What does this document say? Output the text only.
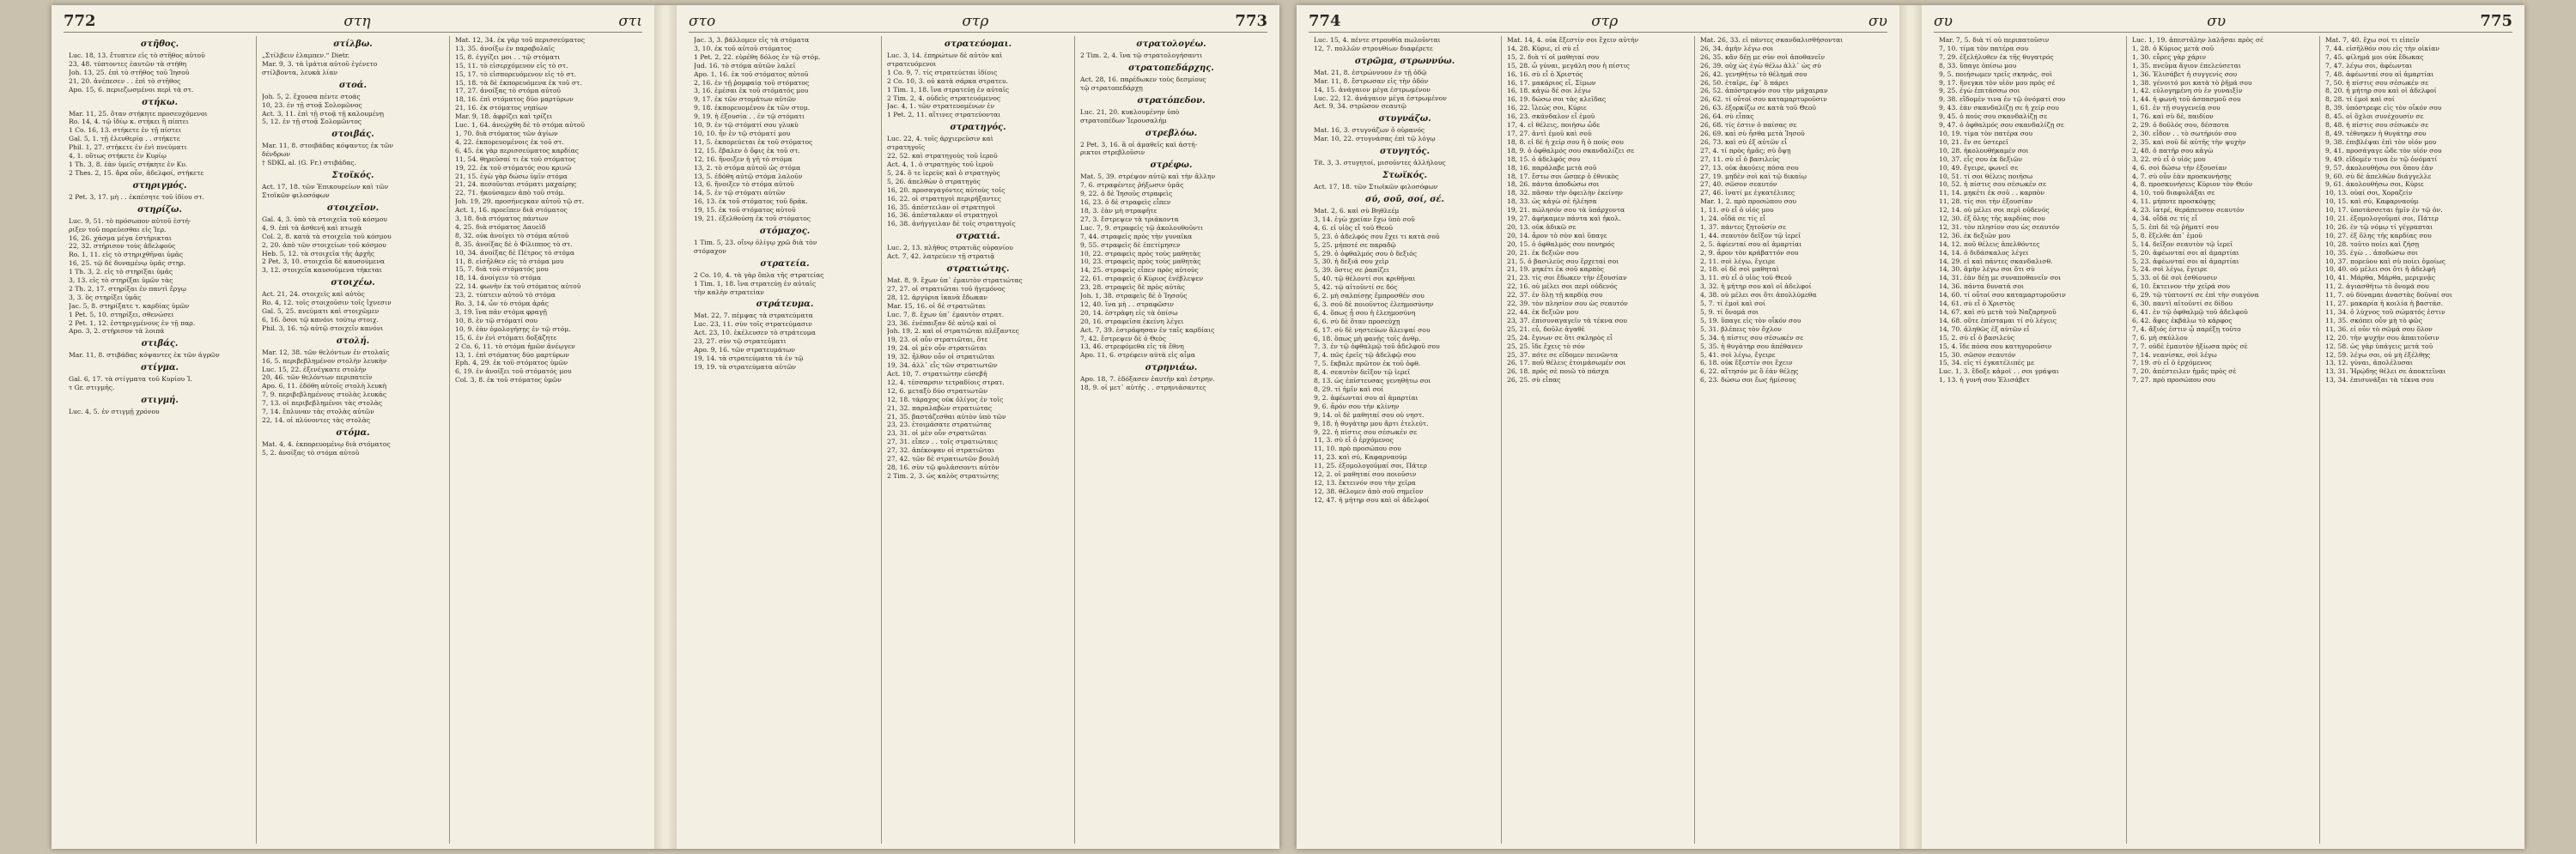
772	στη	στι
στῆθος.
Luc. 18, 13. ἔτυπτεν εἰς τὸ στῆθος αὐτοῦ
23, 48. τύπτοντες ἑαυτῶν τὰ στήθη
Joh. 13, 25. ἐπὶ τὸ στῆθος τοῦ Ἰησοῦ
21, 20. ἀνέπεσεν . . ἐπὶ τὸ στῆθος
Apo. 15, 6. περιεζωσμένοι περὶ τὰ στ.
στήκω.
Mar. 11, 25. ὅταν στήκητε προσευχόμενοι
Ro. 14, 4. τῷ ἰδίῳ κ. στήκει ἢ πίπτει
1 Co. 16, 13. στήκετε ἐν τῇ πίστει
Gal. 5, 1. τῇ ἐλευθερίᾳ . . στήκετε
Phil. 1, 27. στήκετε ἐν ἑνὶ πνεύματι
4, 1. οὕτως στήκετε ἐν Κυρίῳ
1 Th. 3, 8. ἐὰν ὑμεῖς στήκητε ἐν Κυ.
2 Thes. 2, 15. ἄρα οὖν, ἀδελφοί, στήκετε
στηριγμός.
2 Pet. 3, 17. μὴ . . ἐκπέσητε τοῦ ἰδίου στ.
στηρίζω.
Luc. 9, 51. τὸ πρόσωπον αὐτοῦ ἐστή-
ριξεν τοῦ πορεύεσθαι εἰς Ἱερ.
16, 26. χάσμα μέγα ἐστήρικται
22, 32. στήρισον τοὺς ἀδελφούς
Ro. 1, 11. εἰς τὸ στηριχθῆναι ὑμᾶς
16, 25. τῷ δὲ δυναμένῳ ὑμᾶς στηρ.
1 Th. 3, 2. εἰς τὸ στηρίξαι ὑμᾶς
3, 13. εἰς τὸ στηρίξαι ὑμῶν τὰς
2 Th. 2, 17. στηρίξαι ἐν παντὶ ἔργῳ
3, 3. ὃς στηρίξει ὑμᾶς
Jac. 5, 8. στηρίξατε τ. καρδίας ὑμῶν
1 Pet. 5, 10. στηρίξει, σθενώσει
2 Pet. 1, 12. ἐστηριγμένους ἐν τῇ παρ.
Apo. 3, 2. στήρισον τὰ λοιπά
στιβάς.
Mar. 11, 8. στιβάδας κόψαντες ἐκ τῶν ἀγρῶν
στίγμα.
Gal. 6, 17. τὰ στίγματα τοῦ Κυρίου Ἰ.
τ Gr. στιγμῆς.
στιγμή.
Luc. 4, 5. ἐν στιγμῇ χρόνου
στίλβω.
„Στίλβειν ἐλαμπεν.“ Dietr.
Mar. 9, 3. τὰ ἱμάτια αὐτοῦ ἐγένετο
στίλβοντα, λευκὰ λίαν
στοά.
Joh. 5, 2. ἔχουσα πέντε στοάς
10, 23. ἐν τῇ στοᾷ Σολομῶνος
Act. 3, 11. ἐπὶ τῇ στοᾷ τῇ καλουμένῃ
5, 12. ἐν τῇ στοᾷ Σολομῶντος
στοιβάς.
Mar. 11, 8. στοιβάδας κόψαντες ἐκ τῶν
δένδρων
† SDKL al. (G. Fr.) στιβάδας.
Στοϊκός.
Act. 17, 18. τῶν Ἐπικουρείων καὶ τῶν
Στοϊκῶν φιλοσόφων
στοιχεῖον.
Gal. 4, 3. ὑπὸ τὰ στοιχεῖα τοῦ κόσμου
4, 9. ἐπὶ τὰ ἀσθενῆ καὶ πτωχὰ
Col. 2, 8. κατὰ τὰ στοιχεῖα τοῦ κόσμου
2, 20. ἀπὸ τῶν στοιχείων τοῦ κόσμου
Heb. 5, 12. τὰ στοιχεῖα τῆς ἀρχῆς
2 Pet. 3, 10. στοιχεῖα δὲ καυσούμενα
3, 12. στοιχεῖα καυσούμενα τήκεται
στοιχέω.
Act. 21, 24. στοιχεῖς καὶ αὐτὸς
Ro. 4, 12. τοῖς στοιχοῦσιν τοῖς ἴχνεσιν
Gal. 5, 25. πνεύματι καὶ στοιχῶμεν
6, 16. ὅσοι τῷ κανόνι τούτῳ στοιχ.
Phil. 3, 16. τῷ αὐτῷ στοιχεῖν κανόνι
στολή.
Mar. 12, 38. τῶν θελόντων ἐν στολαῖς
16, 5. περιβεβλημένον στολὴν λευκὴν
Luc. 15, 22. ἐξενέγκατε στολὴν
20, 46. τῶν θελόντων περιπατεῖν
Apo. 6, 11. ἐδόθη αὐτοῖς στολὴ λευκὴ
7, 9. περιβεβλημένους στολὰς λευκάς
7, 13. οἱ περιβεβλημένοι τὰς στολὰς
7, 14. ἔπλυναν τὰς στολὰς αὐτῶν
22, 14. οἱ πλύνοντες τὰς στολὰς
στόμα.
Mat. 4, 4. ἐκπορευομένῳ διὰ στόματος
5, 2. ἀνοίξας τὸ στόμα αὐτοῦ
Mat. 12, 34. ἐκ γὰρ τοῦ περισσεύματος
13, 35. ἀνοίξω ἐν παραβολαῖς
15, 8. ἐγγίζει μοι . . τῷ στόματι
15, 11. τὸ εἰσερχόμενον εἰς τὸ στ.
15, 17. τὸ εἰσπορευόμενον εἰς τὸ στ.
15, 18. τὰ δὲ ἐκπορευόμενα ἐκ τοῦ στ.
17, 27. ἀνοίξας τὸ στόμα αὐτοῦ
18, 16. ἐπὶ στόματος δύο μαρτύρων
21, 16. ἐκ στόματος νηπίων
Mar. 9, 18. ἀφρίζει καὶ τρίζει
Luc. 1, 64. ἀνεῴχθη δὲ τὸ στόμα αὐτοῦ
1, 70. διὰ στόματος τῶν ἁγίων
4, 22. ἐκπορευομένοις ἐκ τοῦ στ.
6, 45. ἐκ γὰρ περισσεύματος καρδίας
11, 54. θηρεῦσαί τι ἐκ τοῦ στόματος
19, 22. ἐκ τοῦ στόματός σου κρινῶ
21, 15. ἐγὼ γὰρ δώσω ὑμῖν στόμα
21, 24. πεσοῦνται στόματι μαχαίρης
22, 71. ἠκούσαμεν ἀπὸ τοῦ στόμ.
Joh. 19, 29. προσήνεγκαν αὐτοῦ τῷ στ.
Act. 1, 16. προεῖπεν διὰ στόματος
3, 18. διὰ στόματος πάντων
4, 25. διὰ στόματος Δαυεὶδ
8, 32. οὐκ ἀνοίγει τὸ στόμα αὐτοῦ
8, 35. ἀνοίξας δὲ ὁ Φίλιππος τὸ στ.
10, 34. ἀνοίξας δὲ Πέτρος τὸ στόμα
11, 8. εἰσῆλθεν εἰς τὸ στόμα μου
15, 7. διὰ τοῦ στόματός μου
18, 14. ἀνοίγειν τὸ στόμα
22, 14. φωνὴν ἐκ τοῦ στόματος αὐτοῦ
23, 2. τύπτειν αὐτοῦ τὸ στόμα
Ro. 3, 14. ὧν τὸ στόμα ἀρᾶς
3, 19. ἵνα πᾶν στόμα φραγῇ
10, 8. ἐν τῷ στόματί σου
10, 9. ἐὰν ὁμολογήσῃς ἐν τῷ στόμ.
15, 6. ἐν ἑνὶ στόματι δοξάζητε
2 Co. 6, 11. τὸ στόμα ἡμῶν ἀνέῳγεν
13, 1. ἐπὶ στόματος δύο μαρτύρων
Eph. 4, 29. ἐκ τοῦ στόματος ὑμῶν
6, 19. ἐν ἀνοίξει τοῦ στόματός μου
Col. 3, 8. ἐκ τοῦ στόματος ὑμῶν
στο	στρ	773
Jac. 3, 3. βάλλομεν εἰς τὰ στόματα
3, 10. ἐκ τοῦ αὐτοῦ στόματος
1 Pet. 2, 22. εὑρέθη δόλος ἐν τῷ στόμ.
Jud. 16. τὸ στόμα αὐτῶν λαλεῖ
Apo. 1, 16. ἐκ τοῦ στόματος αὐτοῦ
2, 16. ἐν τῇ ῥομφαίᾳ τοῦ στόματος
3, 16. ἐμέσαι ἐκ τοῦ στόματός μου
9, 17. ἐκ τῶν στομάτων αὐτῶν
9, 18. ἐκπορευομένου ἐκ τῶν στομ.
9, 19. ἡ ἐξουσία . . ἐν τῷ στόματι
10, 9. ἐν τῷ στόματί σου γλυκὺ
10, 10. ἦν ἐν τῷ στόματί μου
11, 5. ἐκπορεύεται ἐκ τοῦ στόματος
12, 15. ἔβαλεν ὁ ὄφις ἐκ τοῦ στ.
12, 16. ἤνοιξεν ἡ γῆ τὸ στόμα
13, 2. τὸ στόμα αὐτοῦ ὡς στόμα
13, 5. ἐδόθη αὐτῷ στόμα λαλοῦν
13, 6. ἤνοιξεν τὸ στόμα αὐτοῦ
14, 5. ἐν τῷ στόματι αὐτῶν
16, 13. ἐκ τοῦ στόματος τοῦ δράκ.
19, 15. ἐκ τοῦ στόματος αὐτοῦ
19, 21. ἐξελθούσῃ ἐκ τοῦ στόματος
στόμαχος.
1 Tim. 5, 23. οἴνῳ ὀλίγῳ χρῶ διὰ τὸν
στόμαχον
στρατεία.
2 Co. 10, 4. τὰ γὰρ ὅπλα τῆς στρατείας
1 Tim. 1, 18. ἵνα στρατεύῃ ἐν αὐταῖς
τὴν καλὴν στρατείαν
στράτευμα.
Mat. 22, 7. πέμψας τὰ στρατεύματα
Luc. 23, 11. σὺν τοῖς στρατεύμασιν
Act. 23, 10. ἐκέλευσεν τὸ στράτευμα
23, 27. σὺν τῷ στρατεύματι
Apo. 9, 16. τῶν στρατευμάτων
19, 14. τὰ στρατεύματα τὰ ἐν τῷ
19, 19. τὰ στρατεύματα αὐτῶν
στρατεύομαι.
Luc. 3, 14. ἐπηρώτων δὲ αὐτὸν καὶ
στρατευόμενοι
1 Co. 9, 7. τίς στρατεύεται ἰδίοις
2 Co. 10, 3. οὐ κατὰ σάρκα στρατευ.
1 Tim. 1, 18. ἵνα στρατεύῃ ἐν αὐταῖς
2 Tim. 2, 4. οὐδεὶς στρατευόμενος
Jac. 4, 1. τῶν στρατευομένων ἐν
1 Pet. 2, 11. αἵτινες στρατεύονται
στρατηγός.
Luc. 22, 4. τοῖς ἀρχιερεῦσιν καὶ
στρατηγοῖς
22, 52. καὶ στρατηγοὺς τοῦ ἱεροῦ
Act. 4, 1. ὁ στρατηγὸς τοῦ ἱεροῦ
5, 24. ὅ τε ἱερεὺς καὶ ὁ στρατηγὸς
5, 26. ἀπελθὼν ὁ στρατηγὸς
16, 20. προσαγαγόντες αὐτοὺς τοῖς
16, 22. οἱ στρατηγοὶ περιρήξαντες
16, 35. ἀπέστειλαν οἱ στρατηγοὶ
16, 36. ἀπέσταλκαν οἱ στρατηγοὶ
16, 38. ἀνήγγειλαν δὲ τοῖς στρατηγοῖς
στρατιά.
Luc. 2, 13. πλῆθος στρατιᾶς οὐρανίου
Act. 7, 42. λατρεύειν τῇ στρατιᾷ
στρατιώτης.
Mat. 8, 9. ἔχων ὑπ᾽ ἐμαυτὸν στρατιώτας
27, 27. οἱ στρατιῶται τοῦ ἡγεμόνος
28, 12. ἀργύρια ἱκανὰ ἔδωκαν
Mar. 15, 16. οἱ δὲ στρατιῶται
Luc. 7, 8. ἔχων ὑπ᾽ ἐμαυτὸν στρατ.
23, 36. ἐνέπαιξαν δὲ αὐτῷ καὶ οἱ
Joh. 19, 2. καὶ οἱ στρατιῶται πλέξαντες
19, 23. οἱ οὖν στρατιῶται, ὅτε
19, 24. οἱ μὲν οὖν στρατιῶται
19, 32. ἦλθον οὖν οἱ στρατιῶται
19, 34. ἀλλ᾽ εἷς τῶν στρατιωτῶν
Act. 10, 7. στρατιώτην εὐσεβῆ
12, 4. τέσσαρσιν τετραδίοις στρατ.
12, 6. μεταξὺ δύο στρατιωτῶν
12, 18. τάραχος οὐκ ὀλίγος ἐν τοῖς
21, 32. παραλαβὼν στρατιώτας
21, 35. βαστάζεσθαι αὐτὸν ὑπὸ τῶν
23, 23. ἑτοιμάσατε στρατιώτας
23, 31. οἱ μὲν οὖν στρατιῶται
27, 31. εἶπεν . . τοῖς στρατιώταις
27, 32. ἀπέκοψαν οἱ στρατιῶται
27, 42. τῶν δὲ στρατιωτῶν βουλή
28, 16. σὺν τῷ φυλάσσοντι αὐτὸν
2 Tim. 2, 3. ὡς καλὸς στρατιώτης
στρατολογέω.
2 Tim. 2, 4. ἵνα τῷ στρατολογήσαντι
στρατοπεδάρχης.
Act. 28, 16. παρέδωκεν τοὺς δεσμίους
τῷ στρατοπεδάρχῃ
στρατόπεδον.
Luc. 21, 20. κυκλουμένην ὑπὸ
στρατοπέδων Ἱερουσαλήμ
στρεβλόω.
2 Pet. 3, 16. ἃ οἱ ἀμαθεῖς καὶ ἀστή-
ρικτοι στρεβλοῦσιν
στρέφω.
Mat. 5, 39. στρέψον αὐτῷ καὶ τὴν ἄλλην
7, 6. στραφέντες ῥήξωσιν ὑμᾶς
9, 22. ὁ δὲ Ἰησοῦς στραφεὶς
16, 23. ὁ δὲ στραφεὶς εἶπεν
18, 3. ἐὰν μὴ στραφῆτε
27, 3. ἔστρεψεν τὰ τριάκοντα
Luc. 7, 9. στραφεὶς τῷ ἀκολουθοῦντι
7, 44. στραφεὶς πρὸς τὴν γυναῖκα
9, 55. στραφεὶς δὲ ἐπετίμησεν
10, 22. στραφεὶς πρὸς τοὺς μαθητὰς
10, 23. στραφεὶς πρὸς τοὺς μαθητὰς
14, 25. στραφεὶς εἶπεν πρὸς αὐτούς
22, 61. στραφεὶς ὁ Κύριος ἐνέβλεψεν
23, 28. στραφεὶς δὲ πρὸς αὐτὰς
Joh. 1, 38. στραφεὶς δὲ ὁ Ἰησοῦς
12, 40. ἵνα μὴ . . στραφῶσιν
20, 14. ἐστράφη εἰς τὰ ὀπίσω
20, 16. στραφεῖσα ἐκείνη λέγει
Act. 7, 39. ἐστράφησαν ἐν ταῖς καρδίαις
7, 42. ἔστρεψεν δὲ ὁ Θεὸς
13, 46. στρεφόμεθα εἰς τὰ ἔθνη
Apo. 11, 6. στρέφειν αὐτὰ εἰς αἷμα
στρηνιάω.
Apo. 18, 7. ἐδόξασεν ἑαυτὴν καὶ ἐστρην.
18, 9. οἱ μετ᾽ αὐτῆς . . στρηνιάσαντες
774	στρ	συ
Luc. 15, 4. πέντε στρουθία πωλοῦνται
12, 7. πολλῶν στρουθίων διαφέρετε
στρῶμα, στρωννύω.
Mat. 21, 8. ἐστρώννυον ἐν τῇ ὁδῷ
Mar. 11, 8. ἔστρωσαν εἰς τὴν ὁδόν
14, 15. ἀνάγαιον μέγα ἐστρωμένον
Luc. 22, 12. ἀνάγαιον μέγα ἐστρωμένον
Act. 9, 34. στρῶσον σεαυτῷ
στυγνάζω.
Mat. 16, 3. στυγνάζων ὁ οὐρανός
Mar. 10, 22. στυγνάσας ἐπὶ τῷ λόγῳ
στυγητός.
Tit. 3, 3. στυγητοί, μισοῦντες ἀλλήλους
Στωϊκός.
Act. 17, 18. τῶν Στωϊκῶν φιλοσόφων
σύ, σοῦ, σοί, σέ.
Mat. 2, 6. καὶ σὺ Βηθλεέμ
3, 14. ἐγὼ χρείαν ἔχω ὑπὸ σοῦ
4, 6. εἰ υἱὸς εἶ τοῦ Θεοῦ
5, 23. ὁ ἀδελφός σου ἔχει τι κατὰ σοῦ
5, 25. μήποτέ σε παραδῷ
5, 29. ὁ ὀφθαλμός σου ὁ δεξιός
5, 30. ἡ δεξιά σου χεὶρ
5, 39. ὅστις σε ῥαπίζει
5, 40. τῷ θέλοντί σοι κριθῆναι
5, 42. τῷ αἰτοῦντί σε δός
6, 2. μὴ σαλπίσῃς ἔμπροσθέν σου
6, 3. σοῦ δὲ ποιοῦντος ἐλεημοσύνην
6, 4. ὅπως ᾖ σου ἡ ἐλεημοσύνη
6, 6. σὺ δὲ ὅταν προσεύχῃ
6, 17. σὺ δὲ νηστεύων ἄλειψαί σου
6, 18. ὅπως μὴ φανῇς τοῖς ἀνθρ.
7, 3. ἐν τῷ ὀφθαλμῷ τοῦ ἀδελφοῦ σου
7, 4. πῶς ἐρεῖς τῷ ἀδελφῷ σου
7, 5. ἔκβαλε πρῶτον ἐκ τοῦ ὀφθ.
8, 4. σεαυτὸν δεῖξον τῷ ἱερεῖ
8, 13. ὡς ἐπίστευσας γενηθήτω σοι
8, 29. τί ἡμῖν καὶ σοί
9, 2. ἀφέωνταί σου αἱ ἁμαρτίαι
9, 6. ἆρόν σου τὴν κλίνην
9, 14. οἱ δὲ μαθηταί σου οὐ νηστ.
9, 18. ἡ θυγάτηρ μου ἄρτι ἐτελεύτ.
9, 22. ἡ πίστις σου σέσωκέν σε
11, 3. σὺ εἶ ὁ ἐρχόμενος
11, 10. πρὸ προσώπου σου
11, 23. καὶ σύ, Καφαρναούμ
11, 25. ἐξομολογοῦμαί σοι, Πάτερ
12, 2. οἱ μαθηταί σου ποιοῦσιν
12, 13. ἔκτεινόν σου τὴν χεῖρα
12, 38. θέλομεν ἀπὸ σοῦ σημεῖον
12, 47. ἡ μήτηρ σου καὶ οἱ ἀδελφοί
Mat. 14, 4. οὐκ ἔξεστίν σοι ἔχειν αὐτήν
14, 28. Κύριε, εἰ σὺ εἶ
15, 2. διὰ τί οἱ μαθηταί σου
15, 28. ὦ γύναι, μεγάλη σου ἡ πίστις
16, 16. σὺ εἶ ὁ Χριστός
16, 17. μακάριος εἶ, Σίμων
16, 18. κἀγὼ δέ σοι λέγω
16, 19. δώσω σοι τὰς κλεῖδας
16, 22. ἵλεώς σοι, Κύριε
16, 23. σκάνδαλον εἶ ἐμοῦ
17, 4. εἰ θέλεις, ποιήσω ὧδε
17, 27. ἀντὶ ἐμοῦ καὶ σοῦ
18, 8. εἰ δὲ ἡ χείρ σου ἢ ὁ πούς σου
18, 9. ὁ ὀφθαλμός σου σκανδαλίζει σε
18, 15. ὁ ἀδελφός σου
18, 16. παράλαβε μετὰ σοῦ
18, 17. ἔστω σοι ὥσπερ ὁ ἐθνικὸς
18, 26. πάντα ἀποδώσω σοι
18, 32. πᾶσαν τὴν ὀφειλὴν ἐκείνην
18, 33. ὡς κἀγὼ σὲ ἠλέησα
19, 21. πώλησόν σου τὰ ὑπάρχοντα
19, 27. ἀφήκαμεν πάντα καὶ ἠκολ.
20, 13. οὐκ ἀδικῶ σε
20, 14. ἆρον τὸ σὸν καὶ ὕπαγε
20, 15. ὁ ὀφθαλμός σου πονηρός
20, 21. ἐκ δεξιῶν σου
21, 5. ὁ βασιλεύς σου ἔρχεταί σοι
21, 19. μηκέτι ἐκ σοῦ καρπὸς
21, 23. τίς σοι ἔδωκεν τὴν ἐξουσίαν
22, 16. οὐ μέλει σοι περὶ οὐδενός
22, 37. ἐν ὅλῃ τῇ καρδίᾳ σου
22, 39. τὸν πλησίον σου ὡς σεαυτόν
22, 44. ἐκ δεξιῶν μου
23, 37. ἐπισυναγαγεῖν τὰ τέκνα σου
25, 21. εὖ, δοῦλε ἀγαθὲ
25, 24. ἔγνων σε ὅτι σκληρὸς εἶ
25, 25. ἴδε ἔχεις τὸ σόν
25, 37. πότε σε εἴδομεν πεινῶντα
26, 17. ποῦ θέλεις ἑτοιμάσωμέν σοι
26, 18. πρὸς σὲ ποιῶ τὸ πάσχα
26, 25. σὺ εἶπας
Mat. 26, 33. εἰ πάντες σκανδαλισθήσονται
26, 34. ἀμὴν λέγω σοι
26, 35. κἂν δέῃ με σὺν σοὶ ἀποθανεῖν
26, 39. οὐχ ὡς ἐγὼ θέλω ἀλλ᾽ ὡς σύ
26, 42. γενηθήτω τὸ θέλημά σου
26, 50. ἑταῖρε, ἐφ᾽ ὃ πάρει
26, 52. ἀπόστρεψόν σου τὴν μάχαιραν
26, 62. τί οὗτοί σου καταμαρτυροῦσιν
26, 63. ἐξορκίζω σε κατὰ τοῦ Θεοῦ
26, 64. σὺ εἶπας
26, 68. τίς ἐστιν ὁ παίσας σε
26, 69. καὶ σὺ ἦσθα μετὰ Ἰησοῦ
26, 73. καὶ σὺ ἐξ αὐτῶν εἶ
27, 4. τί πρὸς ἡμᾶς; σὺ ὄψῃ
27, 11. σὺ εἶ ὁ βασιλεὺς
27, 13. οὐκ ἀκούεις πόσα σου
27, 19. μηδὲν σοὶ καὶ τῷ δικαίῳ
27, 40. σῶσον σεαυτόν
27, 46. ἱνατί με ἐγκατέλιπες
Mar. 1, 2. πρὸ προσώπου σου
1, 11. σὺ εἶ ὁ υἱός μου
1, 24. οἶδά σε τίς εἶ
1, 37. πάντες ζητοῦσίν σε
1, 44. σεαυτὸν δεῖξον τῷ ἱερεῖ
2, 5. ἀφίενταί σου αἱ ἁμαρτίαι
2, 9. ἆρον τὸν κράβαττόν σου
2, 11. σοὶ λέγω, ἔγειρε
2, 18. οἱ δὲ σοὶ μαθηταὶ
3, 11. σὺ εἶ ὁ υἱὸς τοῦ Θεοῦ
3, 32. ἡ μήτηρ σου καὶ οἱ ἀδελφοί
4, 38. οὐ μέλει σοι ὅτι ἀπολλύμεθα
5, 7. τί ἐμοὶ καὶ σοί
5, 9. τί ὄνομά σοι
5, 19. ὕπαγε εἰς τὸν οἶκόν σου
5, 31. βλέπεις τὸν ὄχλον
5, 34. ἡ πίστις σου σέσωκέν σε
5, 35. ἡ θυγάτηρ σου ἀπέθανεν
5, 41. σοὶ λέγω, ἔγειρε
6, 18. οὐκ ἔξεστίν σοι ἔχειν
6, 22. αἴτησόν με ὃ ἐὰν θέλῃς
6, 23. δώσω σοι ἕως ἡμίσους
συ	συ	775
Mar. 7, 5. διὰ τί οὐ περιπατοῦσιν
7, 10. τίμα τὸν πατέρα σου
7, 29. ἐξελήλυθεν ἐκ τῆς θυγατρός
8, 33. ὕπαγε ὀπίσω μου
9, 5. ποιήσωμεν τρεῖς σκηνάς, σοὶ
9, 17. ἤνεγκα τὸν υἱόν μου πρὸς σέ
9, 25. ἐγὼ ἐπιτάσσω σοι
9, 38. εἴδομέν τινα ἐν τῷ ὀνόματί σου
9, 43. ἐὰν σκανδαλίζῃ σε ἡ χείρ σου
9, 45. ὁ πούς σου σκανδαλίζῃ σε
9, 47. ὁ ὀφθαλμός σου σκανδαλίζῃ σε
10, 19. τίμα τὸν πατέρα σου
10, 21. ἕν σε ὑστερεῖ
10, 28. ἠκολουθήκαμέν σοι
10, 37. εἷς σου ἐκ δεξιῶν
10, 49. ἔγειρε, φωνεῖ σε
10, 51. τί σοι θέλεις ποιήσω
10, 52. ἡ πίστις σου σέσωκέν σε
11, 14. μηκέτι ἐκ σοῦ . . καρπὸν
11, 28. τίς σοι τὴν ἐξουσίαν
12, 14. οὐ μέλει σοι περὶ οὐδενός
12, 30. ἐξ ὅλης τῆς καρδίας σου
12, 31. τὸν πλησίον σου ὡς σεαυτόν
12, 36. ἐκ δεξιῶν μου
14, 12. ποῦ θέλεις ἀπελθόντες
14, 14. ὁ διδάσκαλος λέγει
14, 29. εἰ καὶ πάντες σκανδαλισθ.
14, 30. ἀμὴν λέγω σοι ὅτι σὺ
14, 31. ἐὰν δέῃ με συναποθανεῖν σοι
14, 36. πάντα δυνατά σοι
14, 60. τί οὗτοί σου καταμαρτυροῦσιν
14, 61. σὺ εἶ ὁ Χριστὸς
14, 67. καὶ σὺ μετὰ τοῦ Ναζαρηνοῦ
14, 68. οὔτε ἐπίσταμαι τί σὺ λέγεις
14, 70. ἀληθῶς ἐξ αὐτῶν εἶ
15, 2. σὺ εἶ ὁ βασιλεὺς
15, 4. ἴδε πόσα σου κατηγοροῦσιν
15, 30. σῶσον σεαυτόν
15, 34. εἰς τί ἐγκατέλιπές με
Luc. 1, 3. ἔδοξε κἀμοὶ . . σοι γράψαι
1, 13. ἡ γυνή σου Ἐλισάβετ
Luc. 1, 19. ἀπεστάλην λαλῆσαι πρὸς σέ
1, 28. ὁ Κύριος μετὰ σοῦ
1, 30. εὗρες γὰρ χάριν
1, 35. πνεῦμα ἅγιον ἐπελεύσεται
1, 36. Ἐλισάβετ ἡ συγγενίς σου
1, 38. γένοιτό μοι κατὰ τὸ ῥῆμά σου
1, 42. εὐλογημένη σὺ ἐν γυναιξίν
1, 44. ἡ φωνὴ τοῦ ἀσπασμοῦ σου
1, 61. ἐν τῇ συγγενείᾳ σου
1, 76. καὶ σὺ δέ, παιδίον
2, 29. ὁ δοῦλός σου, δέσποτα
2, 30. εἶδον . . τὸ σωτήριόν σου
2, 35. καὶ σοῦ δὲ αὐτῆς τὴν ψυχὴν
2, 48. ὁ πατήρ σου κἀγὼ
3, 22. σὺ εἶ ὁ υἱός μου
4, 6. σοὶ δώσω τὴν ἐξουσίαν
4, 7. σὺ οὖν ἐὰν προσκυνήσῃς
4, 8. προσκυνήσεις Κύριον τὸν Θεόν
4, 10. τοῦ διαφυλάξαι σε
4, 11. μήποτε προσκόψῃς
4, 23. ἰατρέ, θεράπευσον σεαυτόν
4, 34. οἶδά σε τίς εἶ
5, 5. ἐπὶ δὲ τῷ ῥήματί σου
5, 8. ἔξελθε ἀπ᾽ ἐμοῦ
5, 14. δεῖξον σεαυτὸν τῷ ἱερεῖ
5, 20. ἀφέωνταί σοι αἱ ἁμαρτίαι
5, 23. ἀφέωνταί σοι αἱ ἁμαρτίαι
5, 24. σοὶ λέγω, ἔγειρε
5, 33. οἱ δὲ σοὶ ἐσθίουσιν
6, 10. ἔκτεινον τὴν χεῖρά σου
6, 29. τῷ τύπτοντί σε ἐπὶ τὴν σιαγόνα
6, 30. παντὶ αἰτοῦντί σε δίδου
6, 41. ἐν τῷ ὀφθαλμῷ τοῦ ἀδελφοῦ
6, 42. ἄφες ἐκβάλω τὸ κάρφος
7, 4. ἄξιός ἐστιν ᾧ παρέξῃ τοῦτο
7, 6. μὴ σκύλλου
7, 7. οὐδὲ ἐμαυτὸν ἠξίωσα πρὸς σὲ
7, 14. νεανίσκε, σοὶ λέγω
7, 19. σὺ εἶ ὁ ἐρχόμενος
7, 20. ἀπέστειλεν ἡμᾶς πρὸς σὲ
7, 27. πρὸ προσώπου σου
Mat. 7, 40. ἔχω σοί τι εἰπεῖν
7, 44. εἰσῆλθόν σου εἰς τὴν οἰκίαν
7, 45. φίλημά μοι οὐκ ἔδωκας
7, 47. λέγω σοι, ἀφέωνται
7, 48. ἀφέωνταί σου αἱ ἁμαρτίαι
7, 50. ἡ πίστις σου σέσωκέν σε
8, 20. ἡ μήτηρ σου καὶ οἱ ἀδελφοί
8, 28. τί ἐμοὶ καὶ σοί
8, 39. ὑπόστρεφε εἰς τὸν οἶκόν σου
8, 45. οἱ ὄχλοι συνέχουσίν σε
8, 48. ἡ πίστις σου σέσωκέν σε
8, 49. τέθνηκεν ἡ θυγάτηρ σου
9, 38. ἐπιβλέψαι ἐπὶ τὸν υἱόν μου
9, 41. προσάγαγε ὧδε τὸν υἱόν σου
9, 49. εἴδομέν τινα ἐν τῷ ὀνόματί
9, 57. ἀκολουθήσω σοι ὅπου ἐὰν
9, 60. σὺ δὲ ἀπελθὼν διάγγελλε
9, 61. ἀκολουθήσω σοι, Κύριε
10, 13. οὐαί σοι, Χοραζείν
10, 15. καὶ σύ, Καφαρναούμ
10, 17. ὑποτάσσεται ἡμῖν ἐν τῷ ὀν.
10, 21. ἐξομολογοῦμαί σοι, Πάτερ
10, 26. ἐν τῷ νόμῳ τί γέγραπται
10, 27. ἐξ ὅλης τῆς καρδίας σου
10, 28. τοῦτο ποίει καὶ ζήσῃ
10, 35. ἐγὼ . . ἀποδώσω σοι
10, 37. πορεύου καὶ σὺ ποίει ὁμοίως
10, 40. οὐ μέλει σοι ὅτι ἡ ἀδελφή
10, 41. Μάρθα, Μάρθα, μεριμνᾷς
11, 2. ἁγιασθήτω τὸ ὄνομά σου
11, 7. οὐ δύναμαι ἀναστὰς δοῦναί σοι
11, 27. μακαρία ἡ κοιλία ἡ βαστάσ.
11, 34. ὁ λύχνος τοῦ σώματός ἐστιν
11, 35. σκόπει οὖν μὴ τὸ φῶς
11, 36. εἰ οὖν τὸ σῶμά σου ὅλον
12, 20. τὴν ψυχήν σου ἀπαιτοῦσιν
12, 58. ὡς γὰρ ὑπάγεις μετὰ τοῦ
12, 59. λέγω σοι, οὐ μὴ ἐξέλθῃς
13, 12. γύναι, ἀπολέλυσαι
13, 31. Ἡρῴδης θέλει σε ἀποκτεῖναι
13, 34. ἐπισυνάξαι τὰ τέκνα σου
